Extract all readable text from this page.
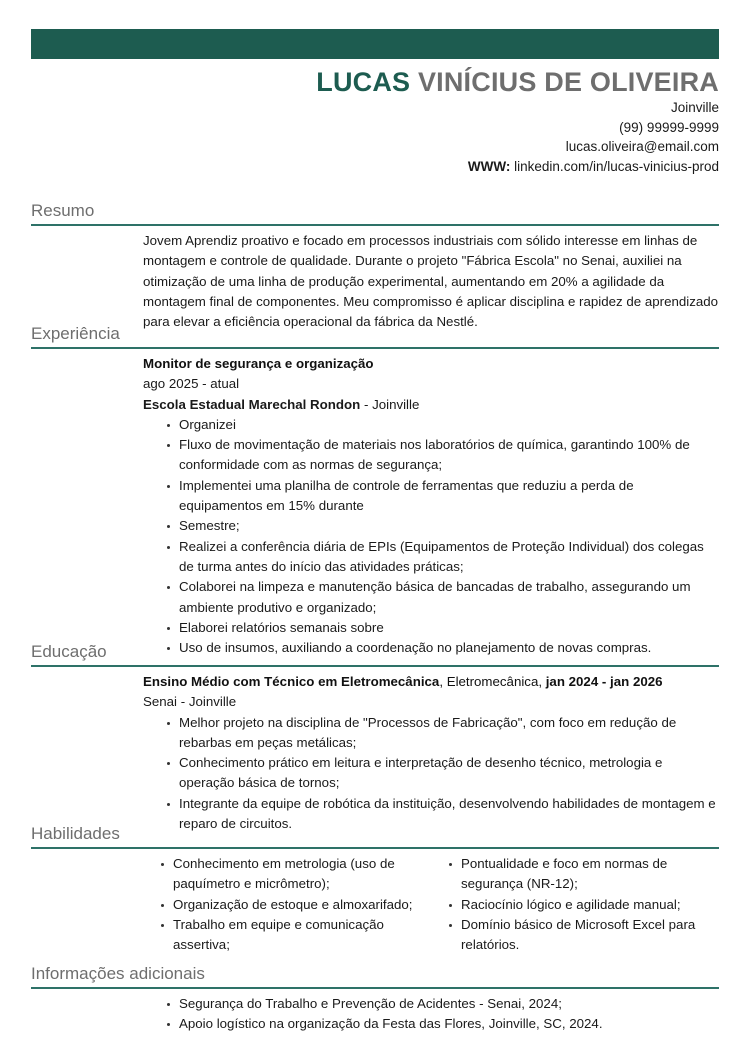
LUCAS VINÍCIUS DE OLIVEIRA
Joinville
(99) 99999-9999
lucas.oliveira@email.com
WWW: linkedin.com/in/lucas-vinicius-prod
Resumo
Jovem Aprendiz proativo e focado em processos industriais com sólido interesse em linhas de montagem e controle de qualidade. Durante o projeto "Fábrica Escola" no Senai, auxiliei na otimização de uma linha de produção experimental, aumentando em 20% a agilidade da montagem final de componentes. Meu compromisso é aplicar disciplina e rapidez de aprendizado para elevar a eficiência operacional da fábrica da Nestlé.
Experiência
Monitor de segurança e organização
ago 2025 - atual
Escola Estadual Marechal Rondon - Joinville
Organizei
Fluxo de movimentação de materiais nos laboratórios de química, garantindo 100% de conformidade com as normas de segurança;
Implementei uma planilha de controle de ferramentas que reduziu a perda de equipamentos em 15% durante
Semestre;
Realizei a conferência diária de EPIs (Equipamentos de Proteção Individual) dos colegas de turma antes do início das atividades práticas;
Colaborei na limpeza e manutenção básica de bancadas de trabalho, assegurando um ambiente produtivo e organizado;
Elaborei relatórios semanais sobre
Uso de insumos, auxiliando a coordenação no planejamento de novas compras.
Educação
Ensino Médio com Técnico em Eletromecânica, Eletromecânica, jan 2024 - jan 2026
Senai - Joinville
Melhor projeto na disciplina de "Processos de Fabricação", com foco em redução de rebarbas em peças metálicas;
Conhecimento prático em leitura e interpretação de desenho técnico, metrologia e operação básica de tornos;
Integrante da equipe de robótica da instituição, desenvolvendo habilidades de montagem e reparo de circuitos.
Habilidades
Conhecimento em metrologia (uso de paquímetro e micrômetro);
Organização de estoque e almoxarifado;
Trabalho em equipe e comunicação assertiva;
Pontualidade e foco em normas de segurança (NR-12);
Raciocínio lógico e agilidade manual;
Domínio básico de Microsoft Excel para relatórios.
Informações adicionais
Segurança do Trabalho e Prevenção de Acidentes - Senai, 2024;
Apoio logístico na organização da Festa das Flores, Joinville, SC, 2024.
